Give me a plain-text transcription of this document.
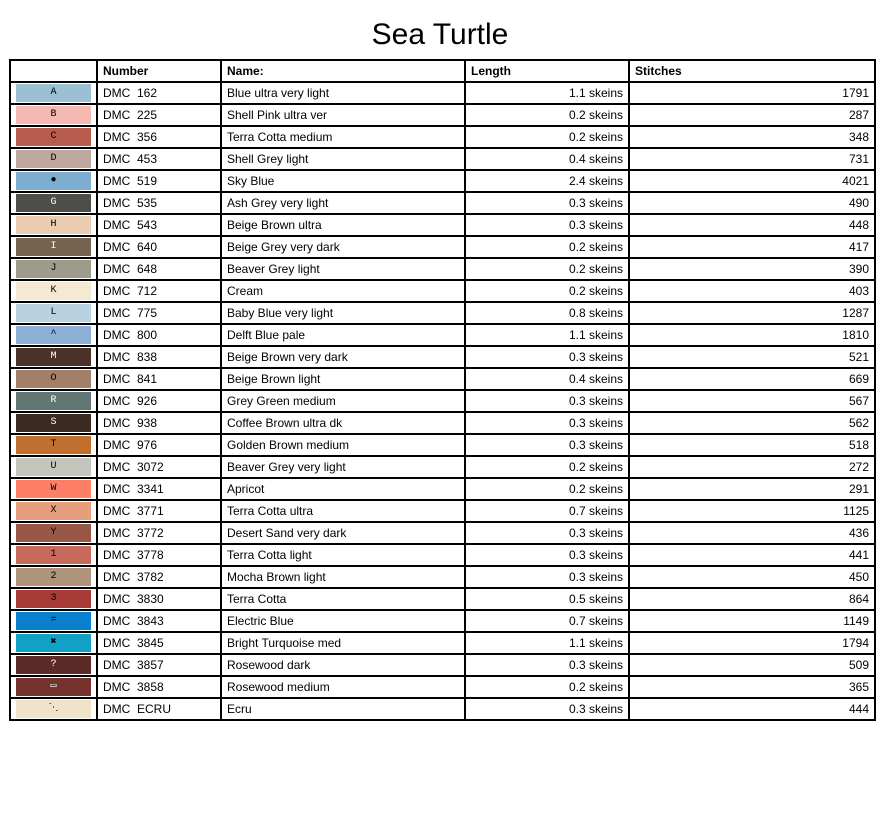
Sea Turtle
	Number	Name:	Length	Stitches

A	DMC 162	Blue ultra very light	1.1 skeins	1791

B	DMC 225	Shell Pink ultra ver	0.2 skeins	287

C	DMC 356	Terra Cotta medium	0.2 skeins	348

D	DMC 453	Shell Grey light	0.4 skeins	731

●	DMC 519	Sky Blue	2.4 skeins	4021

G	DMC 535	Ash Grey very light	0.3 skeins	490

H	DMC 543	Beige Brown ultra	0.3 skeins	448

I	DMC 640	Beige Grey very dark	0.2 skeins	417

J	DMC 648	Beaver Grey light	0.2 skeins	390

K	DMC 712	Cream	0.2 skeins	403

L	DMC 775	Baby Blue very light	0.8 skeins	1287

^	DMC 800	Delft Blue pale	1.1 skeins	1810

M	DMC 838	Beige Brown very dark	0.3 skeins	521

O	DMC 841	Beige Brown light	0.4 skeins	669

R	DMC 926	Grey Green medium	0.3 skeins	567

S	DMC 938	Coffee Brown ultra dk	0.3 skeins	562

T	DMC 976	Golden Brown medium	0.3 skeins	518

U	DMC 3072	Beaver Grey very light	0.2 skeins	272

W	DMC 3341	Apricot	0.2 skeins	291

X	DMC 3771	Terra Cotta ultra	0.7 skeins	1125

Y	DMC 3772	Desert Sand very dark	0.3 skeins	436

1	DMC 3778	Terra Cotta light	0.3 skeins	441

2	DMC 3782	Mocha Brown light	0.3 skeins	450

3	DMC 3830	Terra Cotta	0.5 skeins	864

=	DMC 3843	Electric Blue	0.7 skeins	1149

✖	DMC 3845	Bright Turquoise med	1.1 skeins	1794

?	DMC 3857	Rosewood dark	0.3 skeins	509

▭	DMC 3858	Rosewood medium	0.2 skeins	365

⋱	DMC ECRU	Ecru	0.3 skeins	444
